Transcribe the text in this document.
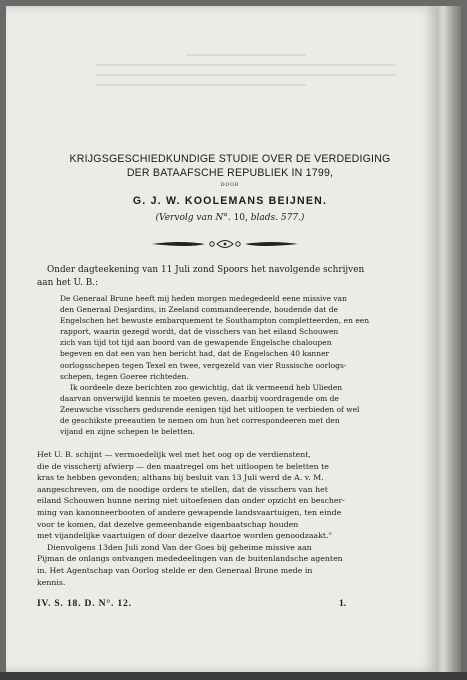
KRIJGSGESCHIEDKUNDIGE STUDIE OVER DE VERDEDIGING
DER BATAAFSCHE REPUBLIEK IN 1799,
DOOR
G. J. W. KOOLEMANS BEIJNEN.
(Vervolg van N°. 10, blads. 577.)
Onder dagteekening van 11 Juli zond Spoors het navolgende schrijven
aan het U. B.:
De Generaal Brune heeft mij heden morgen medegedeeld eene missive van
den Generaal Desjardins, in Zeeland commandeerende, houdende dat de
Engelschen het bewuste embarquement te Southampton completteerden, en een
rapport, waarin gezegd wordt, dat de visschers van het eiland Schouwen
zich van tijd tot tijd aan boord van de gewapende Engelsche chaloupen
begeven en dat een van hen bericht had, dat de Engelschen 40 kanner
oorlogsschepen tegen Texel en twee, vergezeld van vier Russische oorlogs-
schepen, tegen Goeree richteden.
Ik oordeele deze berichten zoo gewichtig, dat ik vermeend heb Ulieden
daarvan onverwijld kennis te moeten geven, daarbij voordragende om de
Zeeuwsche visschers gedurende eenigen tijd het uitloopen te verbieden of wel
de geschikste preeautien te nemen om hun het correspondeeren met den
vijand en zijne schepen te beletten.
Het U. B. schijnt — vermoedelijk wel met het oog op de verdienstent,
die de visscherij afwierp — den maatregel om het uitloopen te beletten te
kras te hebben gevonden; althans bij besluit van 13 Juli werd de A. v. M.
aangeschreven, om de noodige orders te stellen, dat de visschers van het
eiland Schouwen hunne nering niet uitoefenen dan onder opzicht en bescher-
ming van kanonneerbooten of andere gewapende landsvaartuigen, ten einde
voor te komen, dat dezelve gemeenhande eigenbaatschap houden
met vijandelijke vaartuigen of door dezelve daartoe worden genoodzaakt."
Dienvolgens 13den Juli zond Van der Goes bij geheime missive aan
Pijman de onlangs ontvangen mededeelingen van de buitenlandsche agenten
in. Het Agentschap van Oorlog stelde er den Generaal Brune mede in
kennis.
IV. S. 18. D. N°. 12.	1.
